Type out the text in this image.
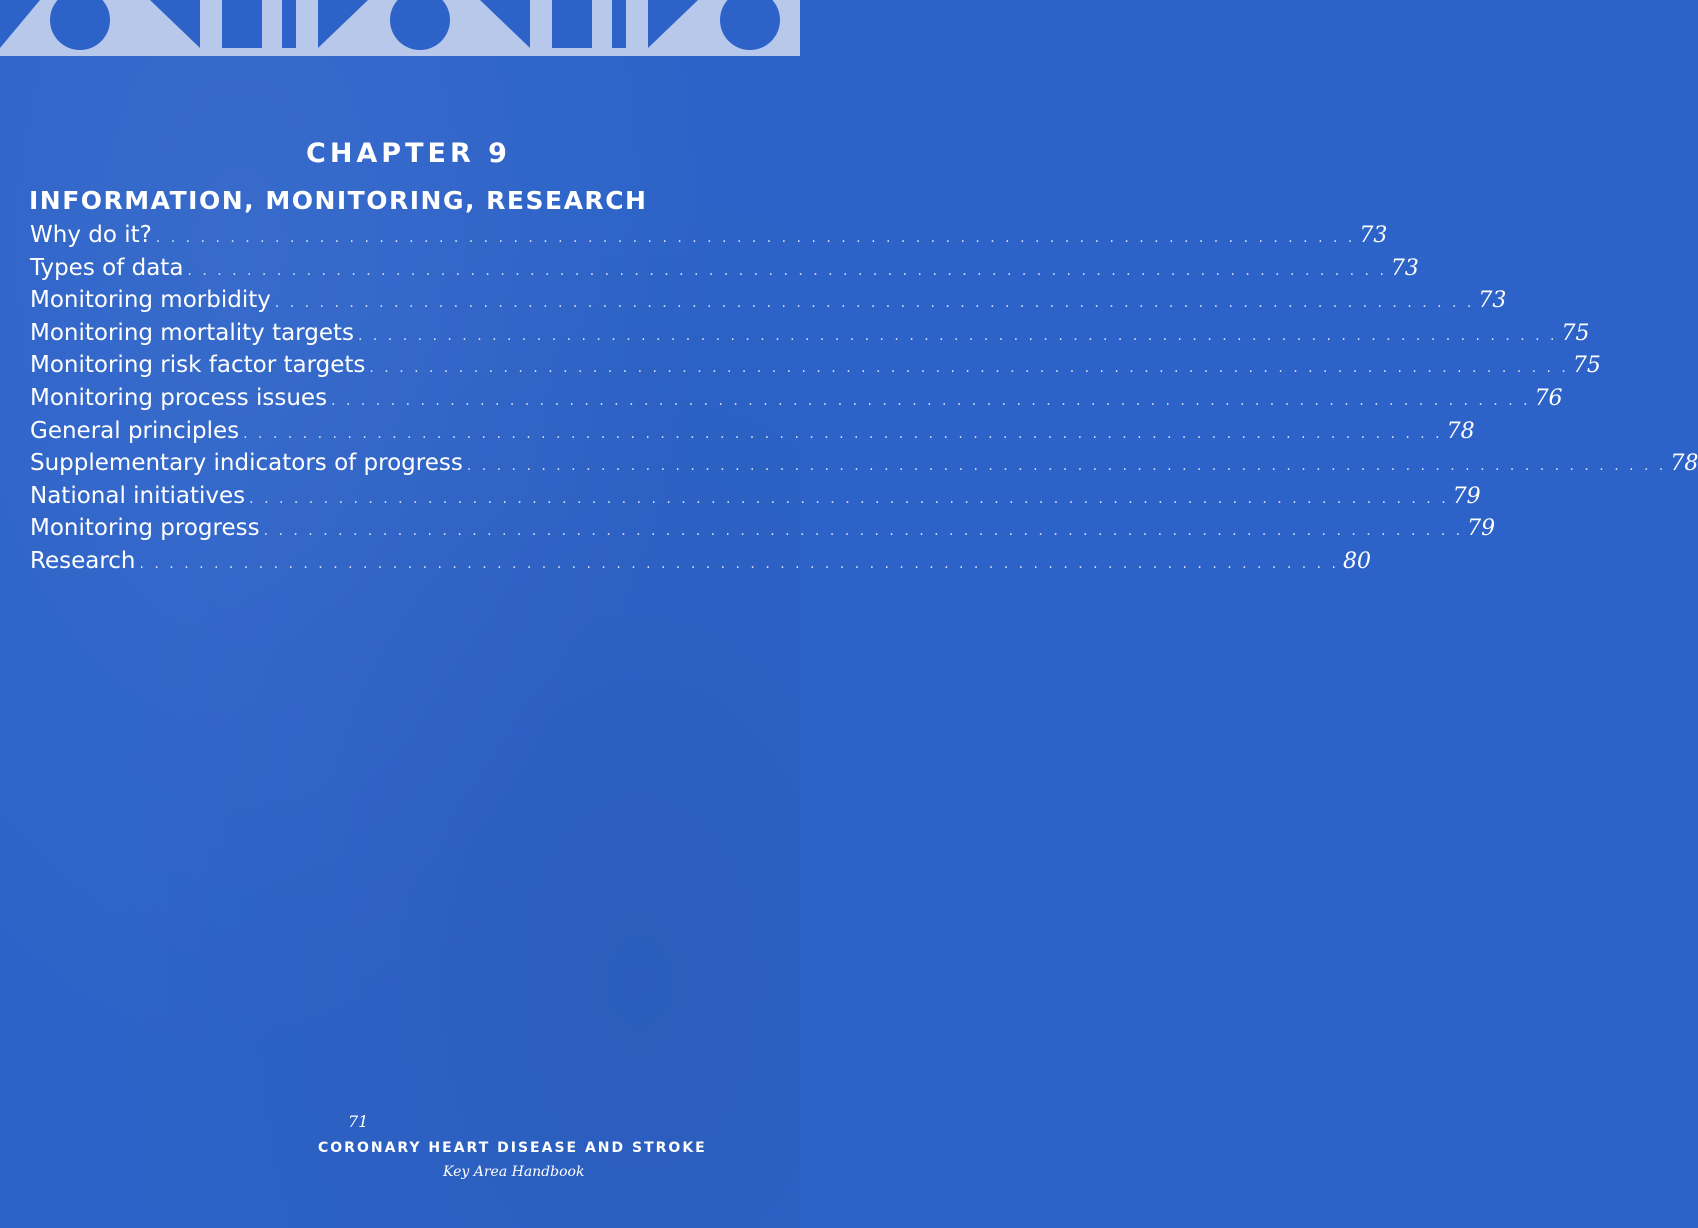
CHAPTER 9
INFORMATION, MONITORING, RESEARCH
Why do it? . . . . . . . . . . . . . . . . . . . . . . . . . . . . . . . . . . . . . . . . . . . . . . . . . . . . . . . . . . . . . . . . . . . . . . . . . . . . . . . . . 73
Types of data . . . . . . . . . . . . . . . . . . . . . . . . . . . . . . . . . . . . . . . . . . . . . . . . . . . . . . . . . . . . . . . . . . . . . . . . . . . . . . . . . 73
Monitoring morbidity . . . . . . . . . . . . . . . . . . . . . . . . . . . . . . . . . . . . . . . . . . . . . . . . . . . . . . . . . . . . . . . . . . . . . . . . . . . . . . . . . 73
Monitoring mortality targets . . . . . . . . . . . . . . . . . . . . . . . . . . . . . . . . . . . . . . . . . . . . . . . . . . . . . . . . . . . . . . . . . . . . . . . . . . . . . . . . . 75
Monitoring risk factor targets . . . . . . . . . . . . . . . . . . . . . . . . . . . . . . . . . . . . . . . . . . . . . . . . . . . . . . . . . . . . . . . . . . . . . . . . . . . . . . . . . 75
Monitoring process issues . . . . . . . . . . . . . . . . . . . . . . . . . . . . . . . . . . . . . . . . . . . . . . . . . . . . . . . . . . . . . . . . . . . . . . . . . . . . . . . . . 76
General principles . . . . . . . . . . . . . . . . . . . . . . . . . . . . . . . . . . . . . . . . . . . . . . . . . . . . . . . . . . . . . . . . . . . . . . . . . . . . . . . . . 78
Supplementary indicators of progress . . . . . . . . . . . . . . . . . . . . . . . . . . . . . . . . . . . . . . . . . . . . . . . . . . . . . . . . . . . . . . . . . . . . . . . . . . . . . . . . . 78
National initiatives . . . . . . . . . . . . . . . . . . . . . . . . . . . . . . . . . . . . . . . . . . . . . . . . . . . . . . . . . . . . . . . . . . . . . . . . . . . . . . . . . 79
Monitoring progress . . . . . . . . . . . . . . . . . . . . . . . . . . . . . . . . . . . . . . . . . . . . . . . . . . . . . . . . . . . . . . . . . . . . . . . . . . . . . . . . . 79
Research . . . . . . . . . . . . . . . . . . . . . . . . . . . . . . . . . . . . . . . . . . . . . . . . . . . . . . . . . . . . . . . . . . . . . . . . . . . . . . . . . 80
71
CORONARY HEART DISEASE AND STROKE
Key Area Handbook
